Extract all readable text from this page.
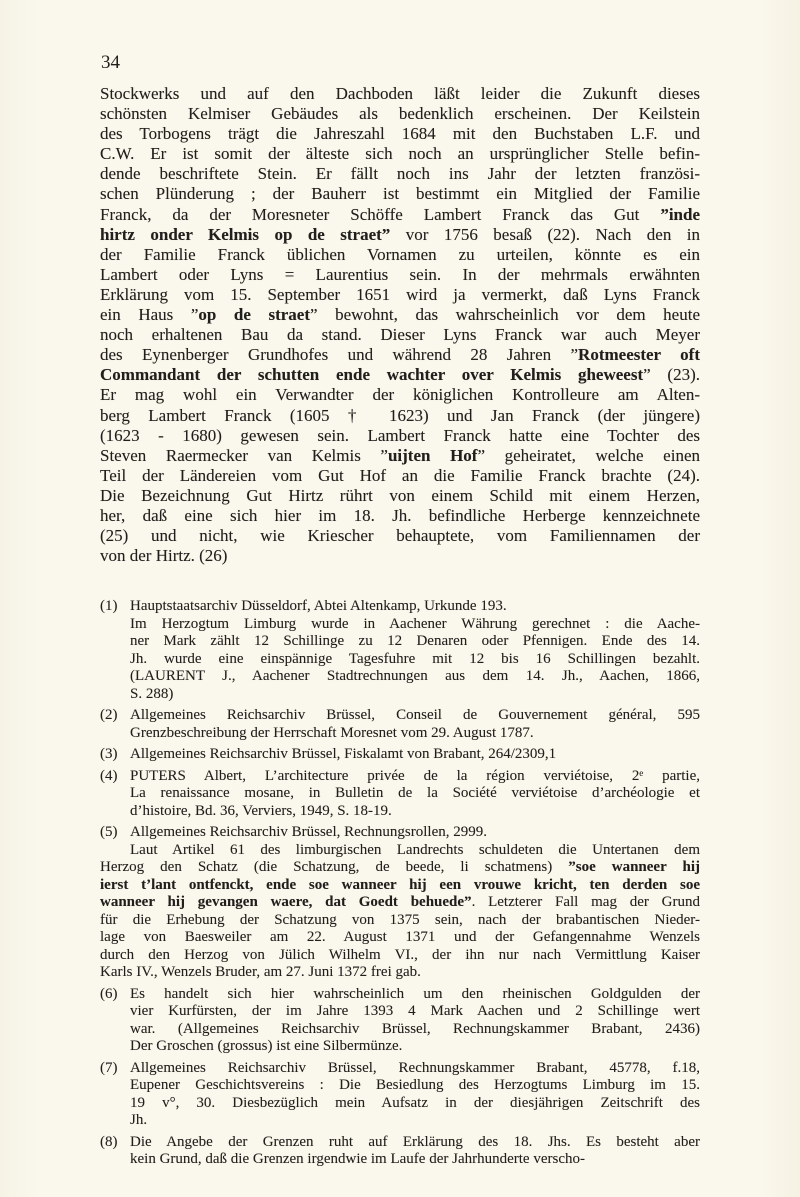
34
Stockwerks und auf den Dachboden läßt leider die Zukunft dieses
schönsten Kelmiser Gebäudes als bedenklich erscheinen. Der Keilstein
des Torbogens trägt die Jahreszahl 1684 mit den Buchstaben L.F. und
C.W. Er ist somit der älteste sich noch an ursprünglicher Stelle befin-
dende beschriftete Stein. Er fällt noch ins Jahr der letzten französi-
schen Plünderung ; der Bauherr ist bestimmt ein Mitglied der Familie
Franck, da der Moresneter Schöffe Lambert Franck das Gut ”inde
hirtz onder Kelmis op de straet” vor 1756 besaß (22). Nach den in
der Familie Franck üblichen Vornamen zu urteilen, könnte es ein
Lambert oder Lyns = Laurentius sein. In der mehrmals erwähnten
Erklärung vom 15. September 1651 wird ja vermerkt, daß Lyns Franck
ein Haus ”op de straet” bewohnt, das wahrscheinlich vor dem heute
noch erhaltenen Bau da stand. Dieser Lyns Franck war auch Meyer
des Eynenberger Grundhofes und während 28 Jahren ”Rotmeester oft
Commandant der schutten ende wachter over Kelmis gheweest” (23).
Er mag wohl ein Verwandter der königlichen Kontrolleure am Alten-
berg Lambert Franck (1605 † 1623) und Jan Franck (der jüngere)
(1623 - 1680) gewesen sein. Lambert Franck hatte eine Tochter des
Steven Raermecker van Kelmis ”uijten Hof” geheiratet, welche einen
Teil der Ländereien vom Gut Hof an die Familie Franck brachte (24).
Die Bezeichnung Gut Hirtz rührt von einem Schild mit einem Herzen,
her, daß eine sich hier im 18. Jh. befindliche Herberge kennzeichnete
(25) und nicht, wie Kriescher behauptete, vom Familiennamen der
von der Hirtz. (26)
(1) Hauptstaatsarchiv Düsseldorf, Abtei Altenkamp, Urkunde 193.
Im Herzogtum Limburg wurde in Aachener Währung gerechnet : die Aache-
ner Mark zählt 12 Schillinge zu 12 Denaren oder Pfennigen. Ende des 14.
Jh. wurde eine einspännige Tagesfuhre mit 12 bis 16 Schillingen bezahlt.
(LAURENT J., Aachener Stadtrechnungen aus dem 14. Jh., Aachen, 1866,
S. 288)
(2) Allgemeines Reichsarchiv Brüssel, Conseil de Gouvernement général, 595
Grenzbeschreibung der Herrschaft Moresnet vom 29. August 1787.
(3) Allgemeines Reichsarchiv Brüssel, Fiskalamt von Brabant, 264/2309,1
(4) PUTERS Albert, L’architecture privée de la région verviétoise, 2ᵉ partie,
La renaissance mosane, in Bulletin de la Société verviétoise d’archéologie et
d’histoire, Bd. 36, Verviers, 1949, S. 18-19.
(5) Allgemeines Reichsarchiv Brüssel, Rechnungsrollen, 2999.
Laut Artikel 61 des limburgischen Landrechts schuldeten die Untertanen dem
Herzog den Schatz (die Schatzung, de beede, li schatmens) ”soe wanneer hij
ierst t’lant ontfenckt, ende soe wanneer hij een vrouwe kricht, ten derden soe
wanneer hij gevangen waere, dat Goedt behuede”. Letzterer Fall mag der Grund
für die Erhebung der Schatzung von 1375 sein, nach der brabantischen Nieder-
lage von Baesweiler am 22. August 1371 und der Gefangennahme Wenzels
durch den Herzog von Jülich Wilhelm VI., der ihn nur nach Vermittlung Kaiser
Karls IV., Wenzels Bruder, am 27. Juni 1372 frei gab.
(6) Es handelt sich hier wahrscheinlich um den rheinischen Goldgulden der
vier Kurfürsten, der im Jahre 1393 4 Mark Aachen und 2 Schillinge wert
war. (Allgemeines Reichsarchiv Brüssel, Rechnungskammer Brabant, 2436)
Der Groschen (grossus) ist eine Silbermünze.
(7) Allgemeines Reichsarchiv Brüssel, Rechnungskammer Brabant, 45778, f.18,
Eupener Geschichtsvereins : Die Besiedlung des Herzogtums Limburg im 15.
19 v°, 30. Diesbezüglich mein Aufsatz in der diesjährigen Zeitschrift des
Jh.
(8) Die Angebe der Grenzen ruht auf Erklärung des 18. Jhs. Es besteht aber
kein Grund, daß die Grenzen irgendwie im Laufe der Jahrhunderte verscho-
